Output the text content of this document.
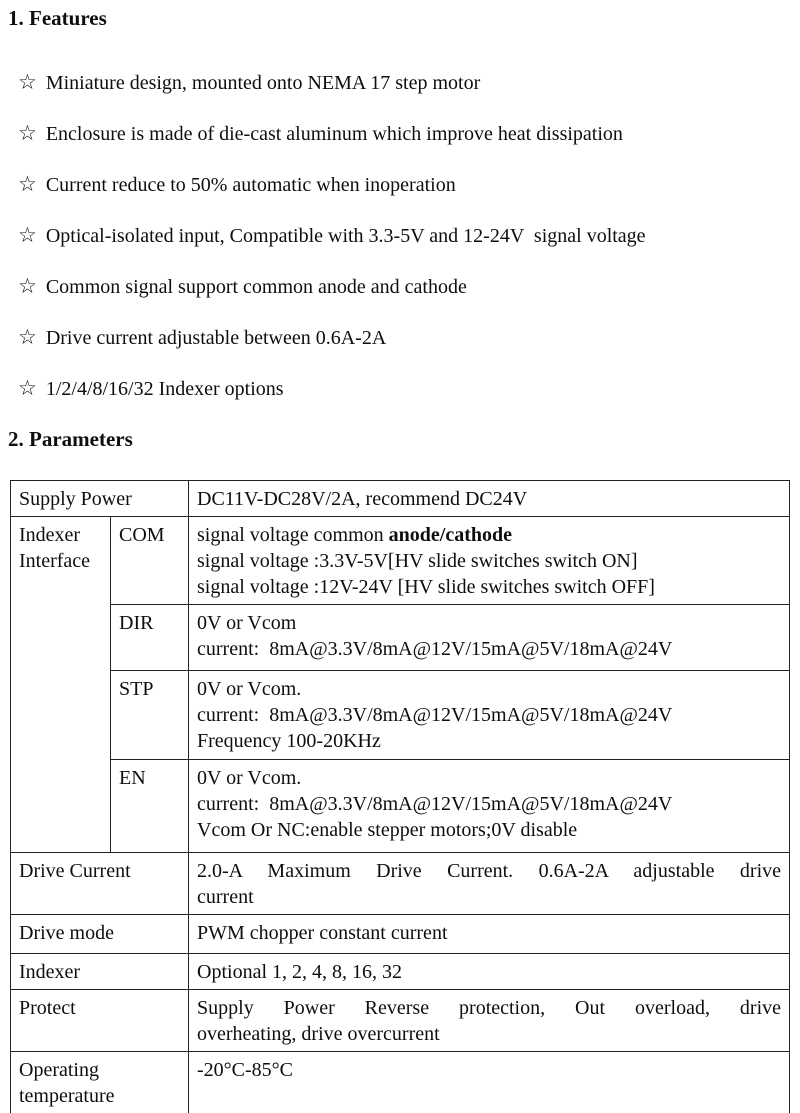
1. Features
☆ Miniature design, mounted onto NEMA 17 step motor
☆ Enclosure is made of die-cast aluminum which improve heat dissipation
☆ Current reduce to 50% automatic when inoperation
☆ Optical-isolated input, Compatible with 3.3-5V and 12-24V  signal voltage
☆ Common signal support common anode and cathode
☆ Drive current adjustable between 0.6A-2A
☆ 1/2/4/8/16/32 Indexer options
2. Parameters
Supply Power		DC11V-DC28V/2A, recommend DC24V

Indexer Interface	COM	signal voltage common anode/cathode
signal voltage :3.3V-5V[HV slide switches switch ON]
signal voltage :12V-24V [HV slide switches switch OFF]

	DIR	0V or Vcom
current:  8mA@3.3V/8mA@12V/15mA@5V/18mA@24V

	STP	0V or Vcom.
current:  8mA@3.3V/8mA@12V/15mA@5V/18mA@24V
Frequency 100-20KHz

	EN	0V or Vcom.
current:  8mA@3.3V/8mA@12V/15mA@5V/18mA@24V
Vcom Or NC:enable stepper motors;0V disable

Drive Current		2.0-A Maximum Drive Current. 0.6A-2A adjustable drive
current

Drive mode		PWM chopper constant current

Indexer		Optional 1, 2, 4, 8, 16, 32

Protect		Supply Power Reverse protection, Out overload, drive
overheating, drive overcurrent

Operating temperature		-20°C-85°C
